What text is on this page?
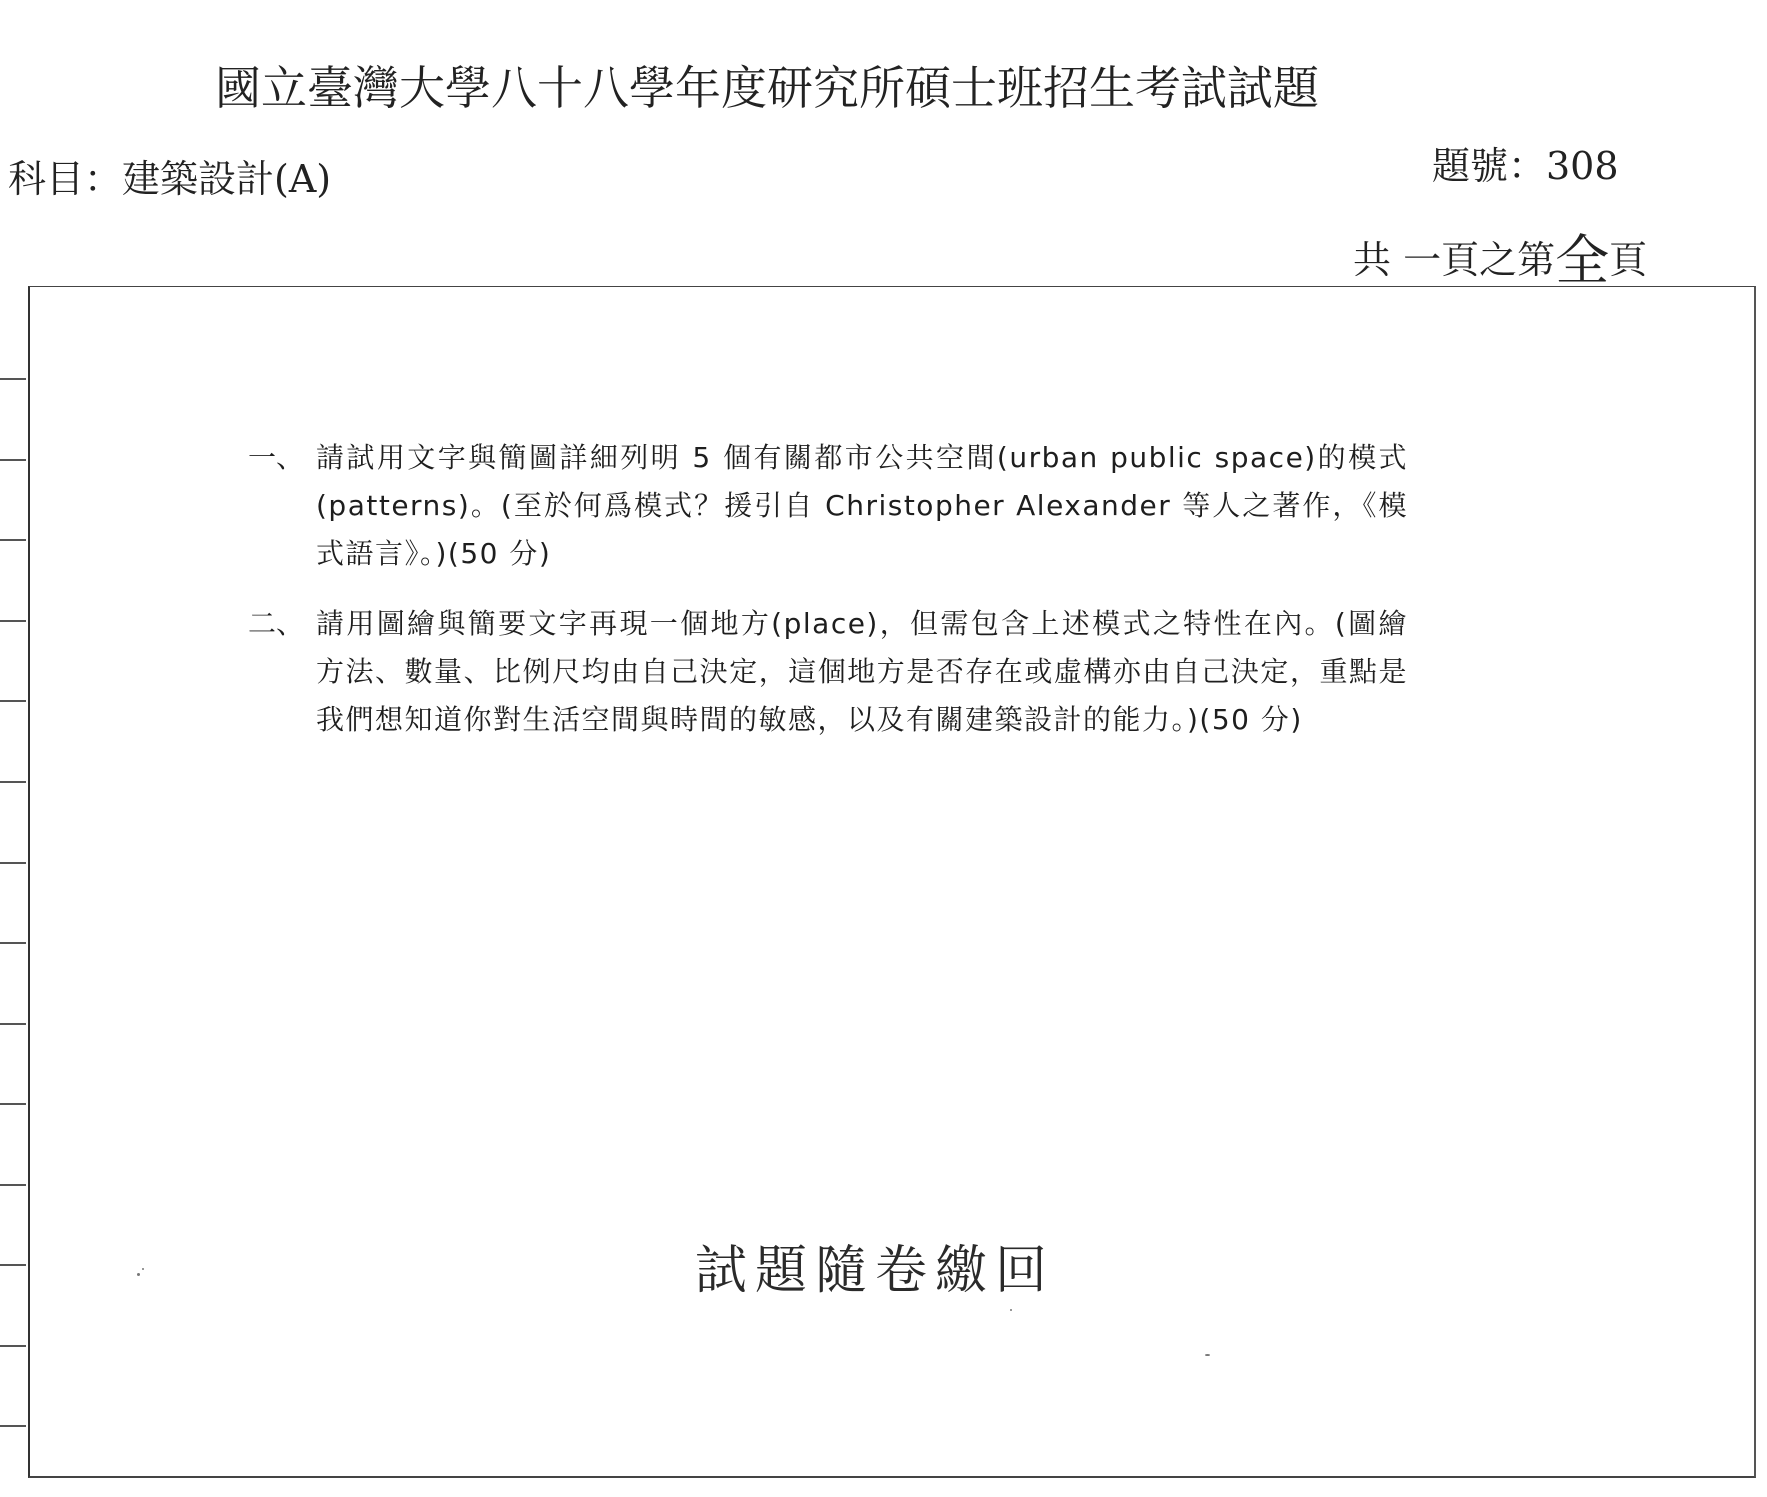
國立臺灣大學八十八學年度研究所碩士班招生考試試題
科目：建築設計(A)	題號：308
共 一頁之第全頁
一、 請試用文字與簡圖詳細列明 5 個有關都市公共空間(urban public space)的模式(patterns)。(至於何爲模式？援引自 Christopher Alexander 等人之著作，《模式語言》。)(50 分)
二、 請用圖繪與簡要文字再現一個地方(place)，但需包含上述模式之特性在內。(圖繪方法、數量、比例尺均由自己決定，這個地方是否存在或虛構亦由自己決定，重點是我們想知道你對生活空間與時間的敏感，以及有關建築設計的能力。)(50 分)
試題隨卷繳回
